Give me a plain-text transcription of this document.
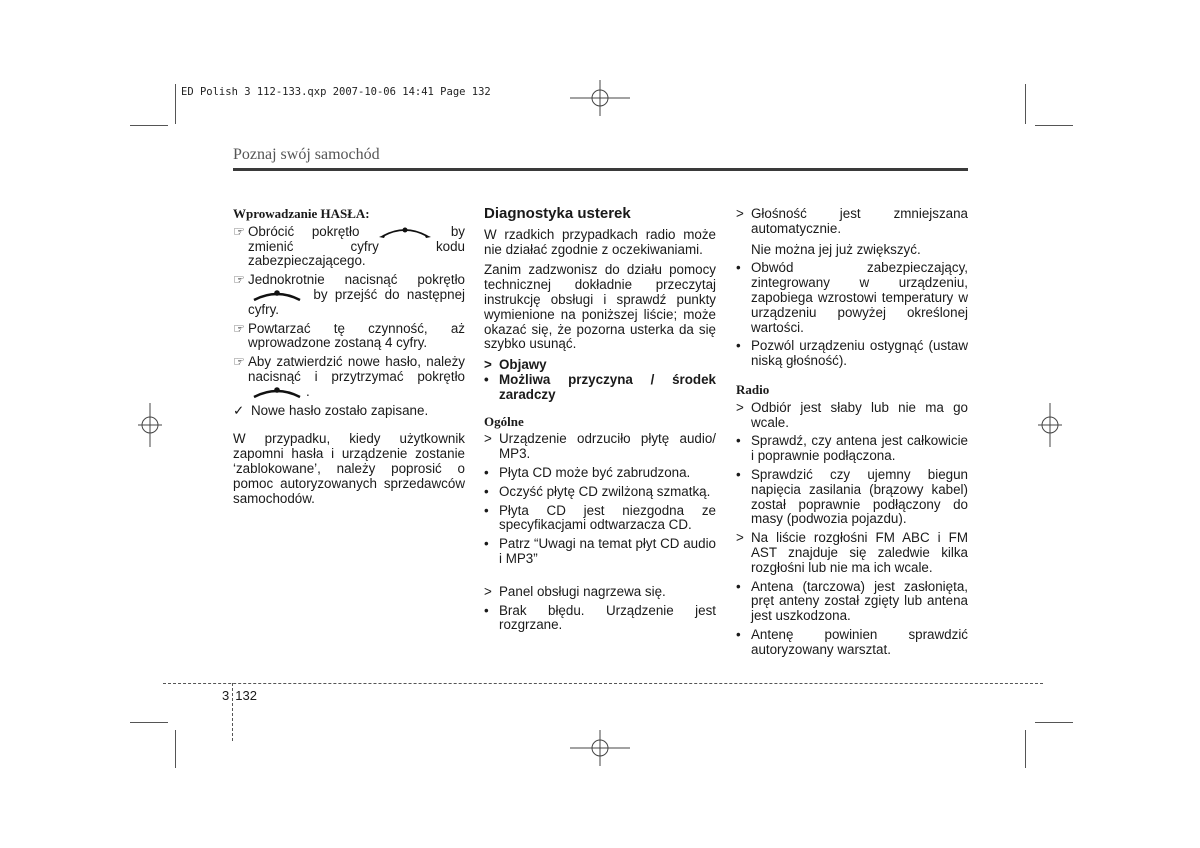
ED Polish 3 112-133.qxp 2007-10-06 14:41 Page 132
Poznaj swój samochód
Wprowadzanie HASŁA:
☞ Obrócić pokrętło	by zmienić cyfry kodu zabezpieczającego.
☞ Jednokrotnie nacisnąć pokrętło  by przejść do następnej cyfry.
☞ Powtarzać tę czynność, aż wprowadzone zostaną 4 cyfry.
☞ Aby zatwierdzić nowe hasło, należy nacisnąć i przytrzymać pokrętło .
✓ Nowe hasło zostało zapisane.
W przypadku, kiedy użytkownik zapomni hasła i urządzenie zostanie ‘zablokowane’, należy poprosić o pomoc autoryzowanych sprzedawców samochodów.
Diagnostyka usterek
W rzadkich przypadkach radio może nie działać zgodnie z oczekiwaniami.
Zanim zadzwonisz do działu pomocy technicznej dokładnie przeczytaj instrukcję obsługi i sprawdź punkty wymienione na poniższej liście; może okazać się, że pozorna usterka da się szybko usunąć.
> Objawy
• Możliwa przyczyna / środek zaradczy
Ogólne
> Urządzenie odrzuciło płytę audio/ MP3.
• Płyta CD może być zabrudzona.
• Oczyść płytę CD zwilżoną szmatką.
• Płyta CD jest niezgodna ze specyfikacjami odtwarzacza CD.
• Patrz “Uwagi na temat płyt CD audio i MP3”
> Panel obsługi nagrzewa się.
• Brak błędu. Urządzenie jest rozgrzane.
> Głośność jest zmniejszana automatycznie.
Nie można jej już zwiększyć.
• Obwód zabezpieczający, zintegrowany w urządzeniu, zapobiega wzrostowi temperatury w urządzeniu powyżej określonej wartości.
• Pozwól urządzeniu ostygnąć (ustaw niską głośność).
Radio
> Odbiór jest słaby lub nie ma go wcale.
• Sprawdź, czy antena jest całkowicie i poprawnie podłączona.
• Sprawdzić czy ujemny biegun napięcia zasilania (brązowy kabel) został poprawnie podłączony do masy (podwozia pojazdu).
> Na liście rozgłośni FM ABC i FM AST znajduje się zaledwie kilka rozgłośni lub nie ma ich wcale.
• Antena (tarczowa) jest zasłonięta, pręt anteny został zgięty lub antena jest uszkodzona.
• Antenę powinien sprawdzić autoryzowany warsztat.
3 132
